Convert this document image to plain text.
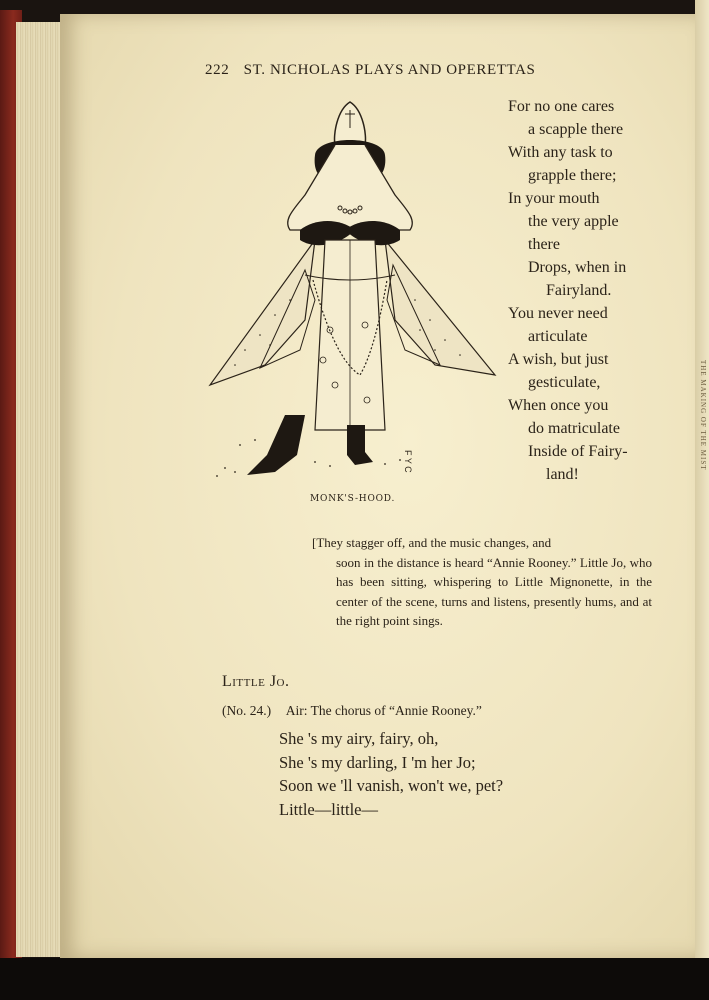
THE MAKING OF THE MIST
222 ST. NICHOLAS PLAYS AND OPERETTAS
F Y C
MONK'S-HOOD.
For no one cares
a scapple there
With any task to
grapple there;
In your mouth
the very apple
there
Drops, when in
Fairyland.
You never need
articulate
A wish, but just
gesticulate,
When once you
do matriculate
Inside of Fairy-
land!
[They stagger off, and the music changes, and
soon in the distance is heard “Annie Rooney.” Little Jo, who has been sitting, whispering to Little Mignonette, in the center of the scene, turns and listens, presently hums, and at the right point sings.
Little Jo.
(No. 24.) Air: The chorus of “Annie Rooney.”
She 's my airy, fairy, oh,
She 's my darling, I 'm her Jo;
Soon we 'll vanish, won't we, pet?
Little—little—
